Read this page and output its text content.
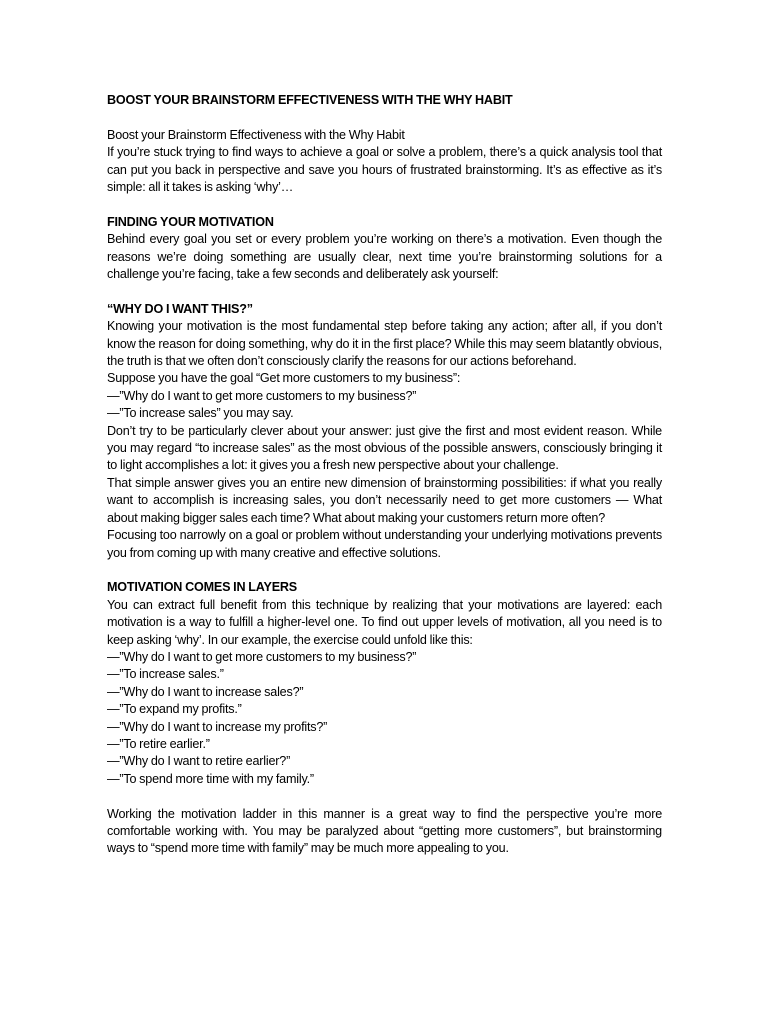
BOOST YOUR BRAINSTORM EFFECTIVENESS WITH THE WHY HABIT

Boost your Brainstorm Effectiveness with the Why Habit

If you’re stuck trying to find ways to achieve a goal or solve a problem, there’s a quick analysis tool that can put you back in perspective and save you hours of frustrated brainstorming. It’s as effective as it’s simple: all it takes is asking ‘why’…

FINDING YOUR MOTIVATION

Behind every goal you set or every problem you’re working on there’s a motivation. Even though the reasons we’re doing something are usually clear, next time you’re brainstorming solutions for a challenge you’re facing, take a few seconds and deliberately ask yourself:

“WHY DO I WANT THIS?”

Knowing your motivation is the most fundamental step before taking any action; after all, if you don’t know the reason for doing something, why do it in the first place? While this may seem blatantly obvious, the truth is that we often don’t consciously clarify the reasons for our actions beforehand.

Suppose you have the goal “Get more customers to my business”:

—”Why do I want to get more customers to my business?”

—”To increase sales” you may say.

Don’t try to be particularly clever about your answer: just give the first and most evident reason. While you may regard “to increase sales” as the most obvious of the possible answers, consciously bringing it to light accomplishes a lot: it gives you a fresh new perspective about your challenge.

That simple answer gives you an entire new dimension of brainstorming possibilities: if what you really want to accomplish is increasing sales, you don’t necessarily need to get more customers — What about making bigger sales each time? What about making your customers return more often?

Focusing too narrowly on a goal or problem without understanding your underlying motivations prevents you from coming up with many creative and effective solutions.

MOTIVATION COMES IN LAYERS

You can extract full benefit from this technique by realizing that your motivations are layered: each motivation is a way to fulfill a higher-level one. To find out upper levels of motivation, all you need is to keep asking ‘why’. In our example, the exercise could unfold like this:

—”Why do I want to get more customers to my business?”

—”To increase sales.”

—”Why do I want to increase sales?”

—”To expand my profits.”

—”Why do I want to increase my profits?”

—”To retire earlier.”

—”Why do I want to retire earlier?”

—”To spend more time with my family.”

Working the motivation ladder in this manner is a great way to find the perspective you’re more comfortable working with. You may be paralyzed about “getting more customers”, but brainstorming ways to “spend more time with family” may be much more appealing to you.
